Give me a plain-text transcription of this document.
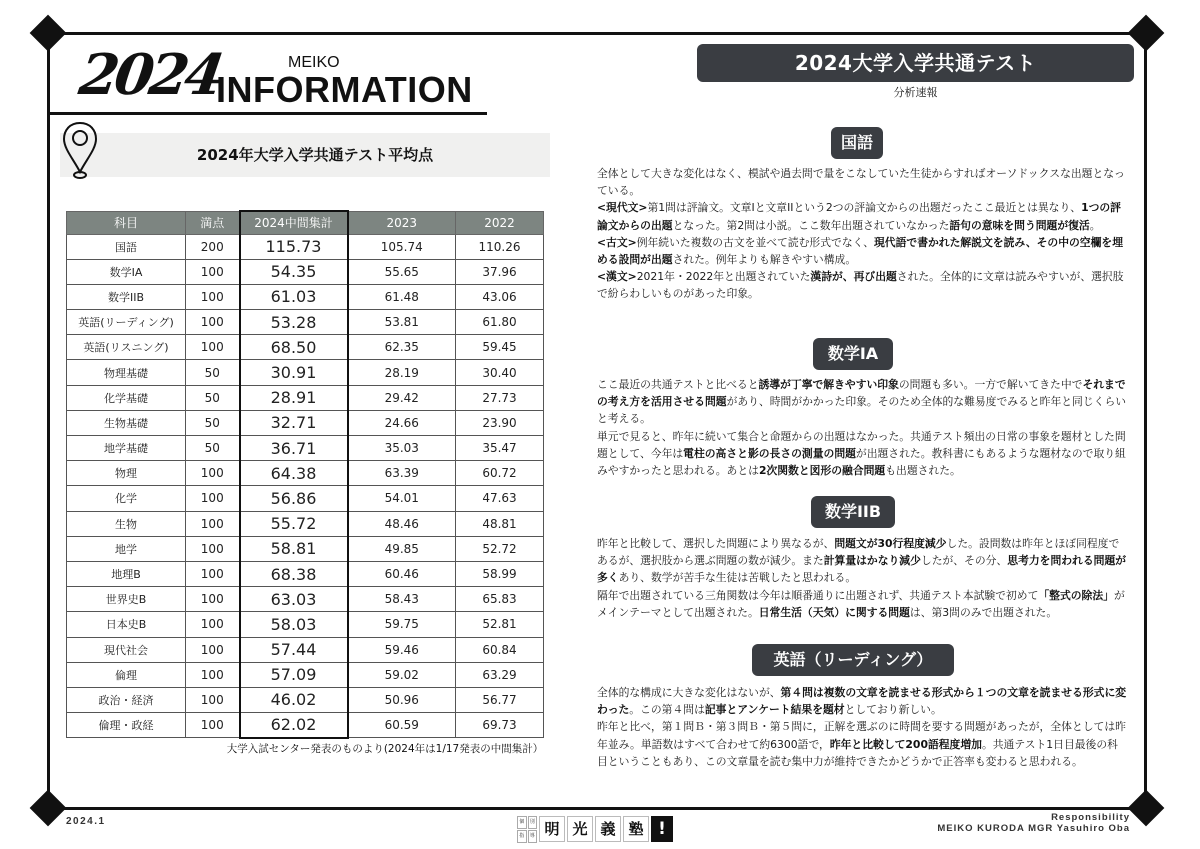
2024	MEIKO
INFORMATION
2024年大学入学共通テスト平均点
科目	満点	2024中間集計	2023	2022
国語	200	115.73	105.74	110.26
数学IA	100	54.35	55.65	37.96
数学IIB	100	61.03	61.48	43.06
英語(リーディング)	100	53.28	53.81	61.80
英語(リスニング)	100	68.50	62.35	59.45
物理基礎	50	30.91	28.19	30.40
化学基礎	50	28.91	29.42	27.73
生物基礎	50	32.71	24.66	23.90
地学基礎	50	36.71	35.03	35.47
物理	100	64.38	63.39	60.72
化学	100	56.86	54.01	47.63
生物	100	55.72	48.46	48.81
地学	100	58.81	49.85	52.72
地理B	100	68.38	60.46	58.99
世界史B	100	63.03	58.43	65.83
日本史B	100	58.03	59.75	52.81
現代社会	100	57.44	59.46	60.84
倫理	100	57.09	59.02	63.29
政治・経済	100	46.02	50.96	56.77
倫理・政経	100	62.02	60.59	69.73
大学入試センター発表のものより(2024年は1/17発表の中間集計）
2024大学入学共通テスト
分析速報
国語
全体として大きな変化はなく、模試や過去問で量をこなしていた生徒からすればオーソドックスな出題となっている。
<現代文>第1問は評論文。文章Iと文章IIという2つの評論文からの出題だったここ最近とは異なり、1つの評論文からの出題となった。第2問は小説。ここ数年出題されていなかった語句の意味を問う問題が復活。
<古文>例年続いた複数の古文を並べて読む形式でなく、現代語で書かれた解説文を読み、その中の空欄を埋める設問が出題された。例年よりも解きやすい構成。
<漢文>2021年・2022年と出題されていた漢詩が、再び出題された。全体的に文章は読みやすいが、選択肢で紛らわしいものがあった印象。
数学IA
ここ最近の共通テストと比べると誘導が丁寧で解きやすい印象の問題も多い。一方で解いてきた中でそれまでの考え方を活用させる問題があり、時間がかかった印象。そのため全体的な難易度でみると昨年と同じくらいと考える。
単元で見ると、昨年に続いて集合と命題からの出題はなかった。共通テスト頻出の日常の事象を題材とした問題として、今年は電柱の高さと影の長さの測量の問題が出題された。教科書にもあるような題材なので取り組みやすかったと思われる。あとは2次関数と図形の融合問題も出題された。
数学IIB
昨年と比較して、選択した問題により異なるが、問題文が30行程度減少した。設問数は昨年とほぼ同程度であるが、選択肢から選ぶ問題の数が減少。また計算量はかなり減少したが、その分、思考力を問われる問題が多くあり、数学が苦手な生徒は苦戦したと思われる。
隔年で出題されている三角関数は今年は順番通りに出題されず、共通テスト本試験で初めて「整式の除法」がメインテーマとして出題された。日常生活（天気）に関する問題は、第3問のみで出題された。
英語（リーディング）
全体的な構成に大きな変化はないが、第４問は複数の文章を読ませる形式から１つの文章を読ませる形式に変わった。この第４問は記事とアンケート結果を題材としており新しい。
昨年と比べ，第１問Ｂ・第３問Ｂ・第５問に，正解を選ぶのに時間を要する問題があったが，全体としては昨年並み。単語数はすべて合わせて約6300語で，昨年と比較して200語程度増加。共通テスト1日目最後の科目ということもあり、この文章量を読む集中力が維持できたかどうかで正答率も変わると思われる。
2024.1	個	別
指	導 明 光 義 塾 !
Responsibility
MEIKO KURODA MGR Yasuhiro Oba
